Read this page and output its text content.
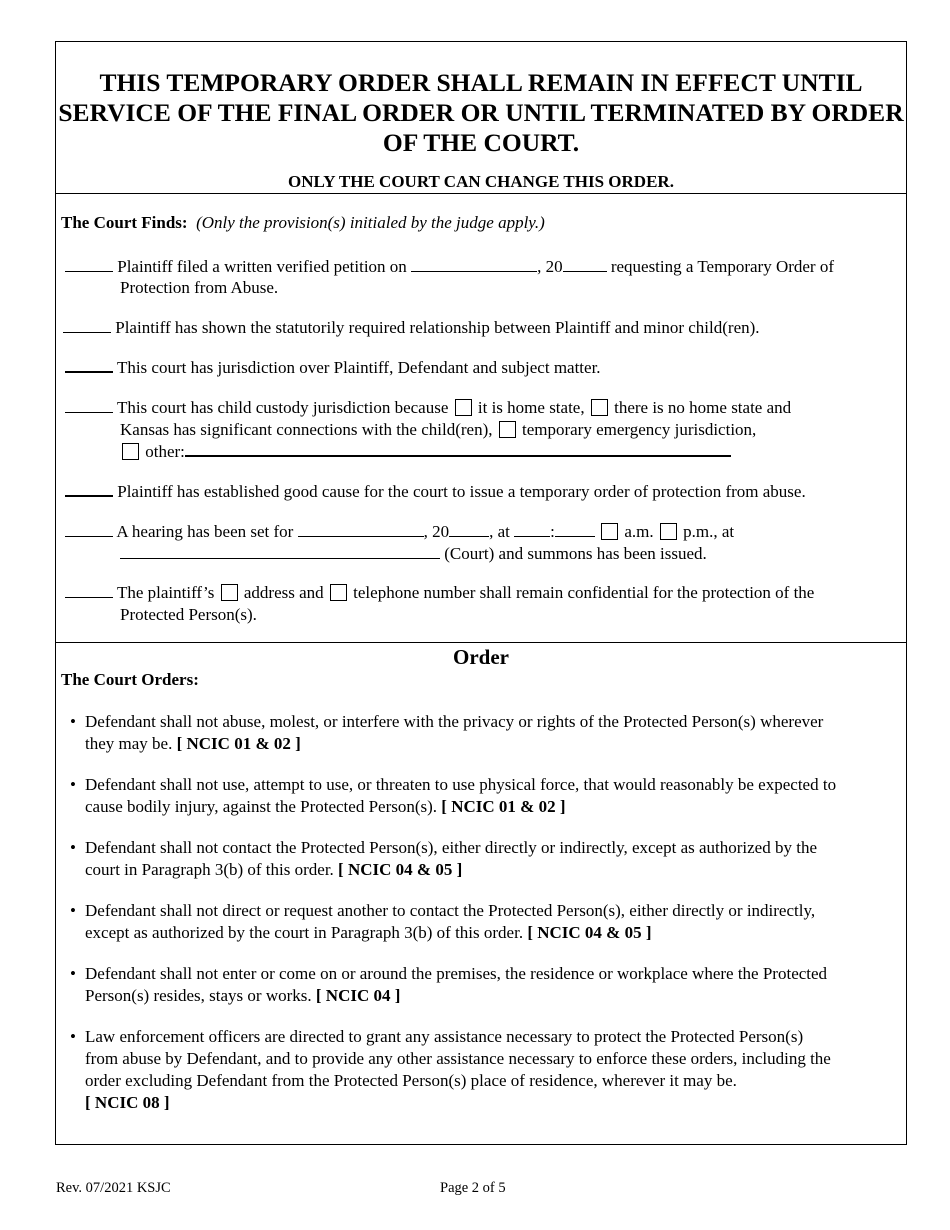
THIS TEMPORARY ORDER SHALL REMAIN IN EFFECT UNTIL
SERVICE OF THE FINAL ORDER OR UNTIL TERMINATED BY ORDER
OF THE COURT.
ONLY THE COURT CAN CHANGE THIS ORDER.
The Court Finds: (Only the provision(s) initialed by the judge apply.)
Plaintiff filed a written verified petition on	, 20	requesting a Temporary Order of
Protection from Abuse.
Plaintiff has shown the statutorily required relationship between Plaintiff and minor child(ren).
This court has jurisdiction over Plaintiff, Defendant and subject matter.
This court has child custody jurisdiction because it is home state, there is no home state and
Kansas has significant connections with the child(ren), temporary emergency jurisdiction,
other:
Plaintiff has established good cause for the court to issue a temporary order of protection from abuse.
A hearing has been set for	, 20 , at :	a.m. p.m., at
(Court) and summons has been issued.
The plaintiff’s address and telephone number shall remain confidential for the protection of the
Protected Person(s).
Order
The Court Orders:
• Defendant shall not abuse, molest, or interfere with the privacy or rights of the Protected Person(s) wherever
they may be. [ NCIC 01 & 02 ]
• Defendant shall not use, attempt to use, or threaten to use physical force, that would reasonably be expected to
cause bodily injury, against the Protected Person(s). [ NCIC 01 & 02 ]
• Defendant shall not contact the Protected Person(s), either directly or indirectly, except as authorized by the
court in Paragraph 3(b) of this order. [ NCIC 04 & 05 ]
• Defendant shall not direct or request another to contact the Protected Person(s), either directly or indirectly,
except as authorized by the court in Paragraph 3(b) of this order. [ NCIC 04 & 05 ]
• Defendant shall not enter or come on or around the premises, the residence or workplace where the Protected
Person(s) resides, stays or works. [ NCIC 04 ]
• Law enforcement officers are directed to grant any assistance necessary to protect the Protected Person(s)
from abuse by Defendant, and to provide any other assistance necessary to enforce these orders, including the
order excluding Defendant from the Protected Person(s) place of residence, wherever it may be.
[ NCIC 08 ]
Rev. 07/2021 KSJC	Page 2 of 5
